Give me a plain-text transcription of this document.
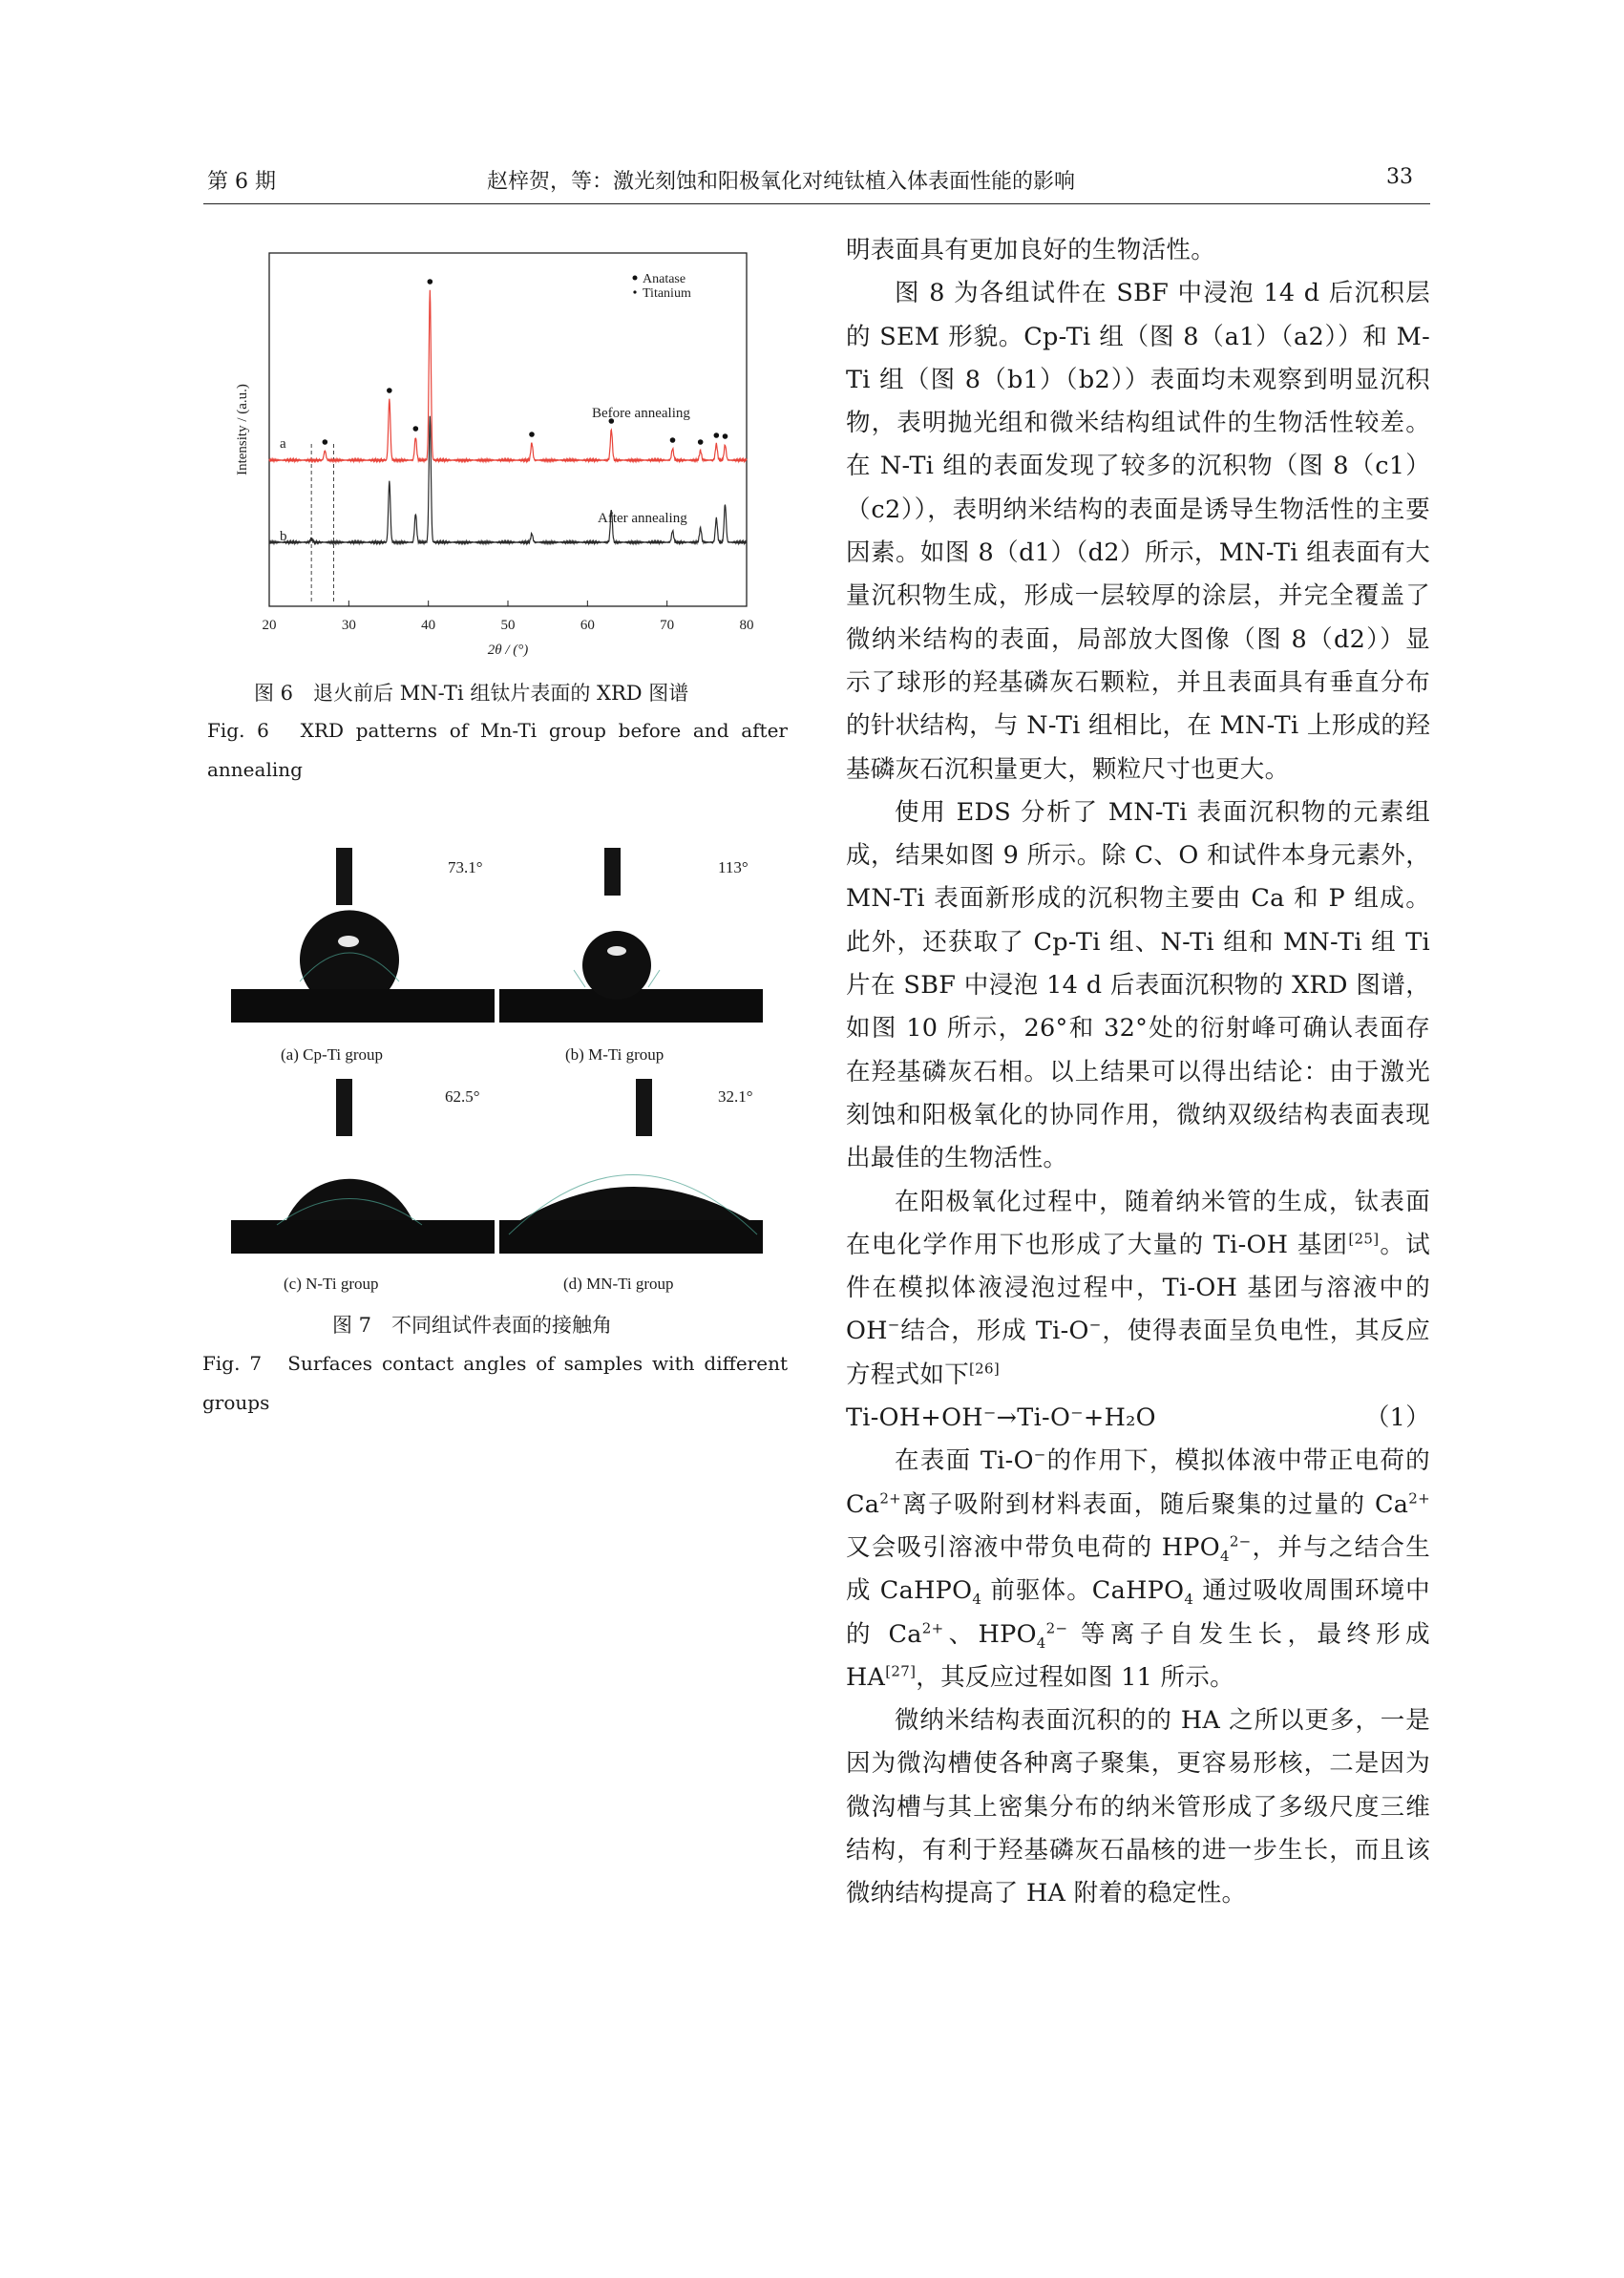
第 6 期	赵梓贺，等：激光刻蚀和阳极氧化对纯钛植入体表面性能的影响	33
20	30	40	50	60	70	80
2θ / (°)
Intensity / (a.u.)
Anatase
Titanium
Before annealing
After annealing
a
b
图 6　退火前后 MN-Ti 组钛片表面的 XRD 图谱
Fig. 6　XRD patterns of Mn-Ti group before and after annealing
73.1°
(a) Cp-Ti group
113°
(b) M-Ti group
62.5°
(c) N-Ti group
32.1°
(d) MN-Ti group
图 7　不同组试件表面的接触角
Fig. 7　Surfaces contact angles of samples with different groups

明表面具有更加良好的生物活性。

图 8 为各组试件在 SBF 中浸泡 14 d 后沉积层的 SEM 形貌。Cp-Ti 组（图 8（a1）（a2））和 M-Ti 组（图 8（b1）（b2））表面均未观察到明显沉积物，表明抛光组和微米结构组试件的生物活性较差。在 N-Ti 组的表面发现了较多的沉积物（图 8（c1）（c2）），表明纳米结构的表面是诱导生物活性的主要因素。如图 8（d1）（d2）所示，MN-Ti 组表面有大量沉积物生成，形成一层较厚的涂层，并完全覆盖了微纳米结构的表面，局部放大图像（图 8（d2））显示了球形的羟基磷灰石颗粒，并且表面具有垂直分布的针状结构，与 N-Ti 组相比，在 MN-Ti 上形成的羟基磷灰石沉积量更大，颗粒尺寸也更大。

使用 EDS 分析了 MN-Ti 表面沉积物的元素组成，结果如图 9 所示。除 C、O 和试件本身元素外，MN-Ti 表面新形成的沉积物主要由 Ca 和 P 组成。此外，还获取了 Cp-Ti 组、N-Ti 组和 MN-Ti 组 Ti 片在 SBF 中浸泡 14 d 后表面沉积物的 XRD 图谱，如图 10 所示，26°和 32°处的衍射峰可确认表面存在羟基磷灰石相。以上结果可以得出结论：由于激光刻蚀和阳极氧化的协同作用，微纳双级结构表面表现出最佳的生物活性。

在阳极氧化过程中，随着纳米管的生成，钛表面在电化学作用下也形成了大量的 Ti-OH 基团[25]。试件在模拟体液浸泡过程中，Ti-OH 基团与溶液中的 OH−结合，形成 Ti-O−，使得表面呈负电性，其反应方程式如下[26]

Ti-OH+OH⁻→Ti-O⁻+H₂O	（1）

在表面 Ti-O−的作用下，模拟体液中带正电荷的 $Ca^{2+}$离子吸附到材料表面，随后聚集的过量的 $Ca^{2+}$ 又会吸引溶液中带负电荷的 $HPO_4^{2-}$，并与之结合生成 CaHPO$_4$ 前驱体。CaHPO$_4$ 通过吸收周围环境中的 $Ca^{2+}$、$HPO_4^{2-}$ 等离子自发生长，最终形成 HA[27]，其反应过程如图 11 所示。

微纳米结构表面沉积的的 HA 之所以更多，一是因为微沟槽使各种离子聚集，更容易形核，二是因为微沟槽与其上密集分布的纳米管形成了多级尺度三维结构，有利于羟基磷灰石晶核的进一步生长，而且该微纳结构提高了 HA 附着的稳定性。
